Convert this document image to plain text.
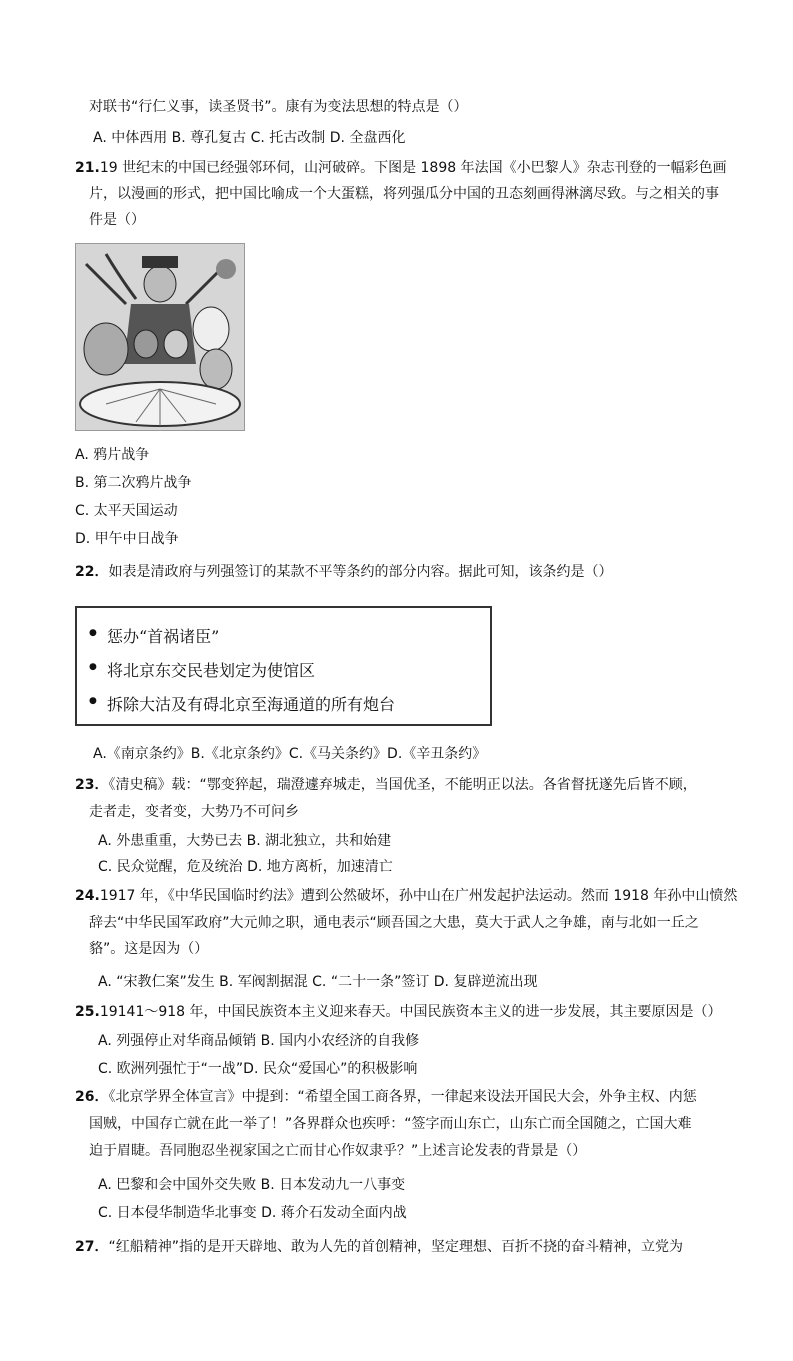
对联书“行仁义事，读圣贤书”。康有为变法思想的特点是（）
A. 中体西用 B. 尊孔复古 C. 托古改制 D. 全盘西化
21.19 世纪末的中国已经强邻环伺，山河破碎。下图是 1898 年法国《小巴黎人》杂志刊登的一幅彩色画
片，以漫画的形式，把中国比喻成一个大蛋糕，将列强瓜分中国的丑态刻画得淋漓尽致。与之相关的事
件是（）
A. 鸦片战争
B. 第二次鸦片战争
C. 太平天国运动
D. 甲午中日战争
22．如表是清政府与列强签订的某款不平等条约的部分内容。据此可知，该条约是（）
● 惩办“首祸诸臣”
● 将北京东交民巷划定为使馆区
● 拆除大沽及有碍北京至海通道的所有炮台
A.《南京条约》B.《北京条约》C.《马关条约》D.《辛丑条约》
23．《清史稿》载：“鄂变猝起，瑞澄遽弃城走，当国优圣，不能明正以法。各省督抚遂先后皆不顾，
走者走，变者变，大势乃不可问乡
A. 外患重重，大势已去 B. 湖北独立，共和始建
C. 民众觉醒，危及统治 D. 地方离析，加速清亡
24.1917 年，《中华民国临时约法》遭到公然破坏，孙中山在广州发起护法运动。然而 1918 年孙中山愤然
辞去“中华民国军政府”大元帅之职，通电表示“顾吾国之大患，莫大于武人之争雄，南与北如一丘之
貉”。这是因为（）
A. “宋教仁案”发生 B. 军阀割据混 C. “二十一条”签订 D. 复辟逆流出现
25.19141～918 年，中国民族资本主义迎来春天。中国民族资本主义的进一步发展，其主要原因是（）
A. 列强停止对华商品倾销 B. 国内小农经济的自我修
C. 欧洲列强忙于“一战”D. 民众“爱国心”的积极影响
26．《北京学界全体宣言》中提到：“希望全国工商各界，一律起来设法开国民大会，外争主权、内惩
国贼，中国存亡就在此一举了！”各界群众也疾呼：“签字而山东亡，山东亡而全国随之，亡国大难
迫于眉睫。吾同胞忍坐视家国之亡而甘心作奴隶乎？”上述言论发表的背景是（）
A. 巴黎和会中国外交失败 B. 日本发动九一八事变
C. 日本侵华制造华北事变 D. 蒋介石发动全面内战
27．“红船精神”指的是开天辟地、敢为人先的首创精神，坚定理想、百折不挠的奋斗精神，立党为
